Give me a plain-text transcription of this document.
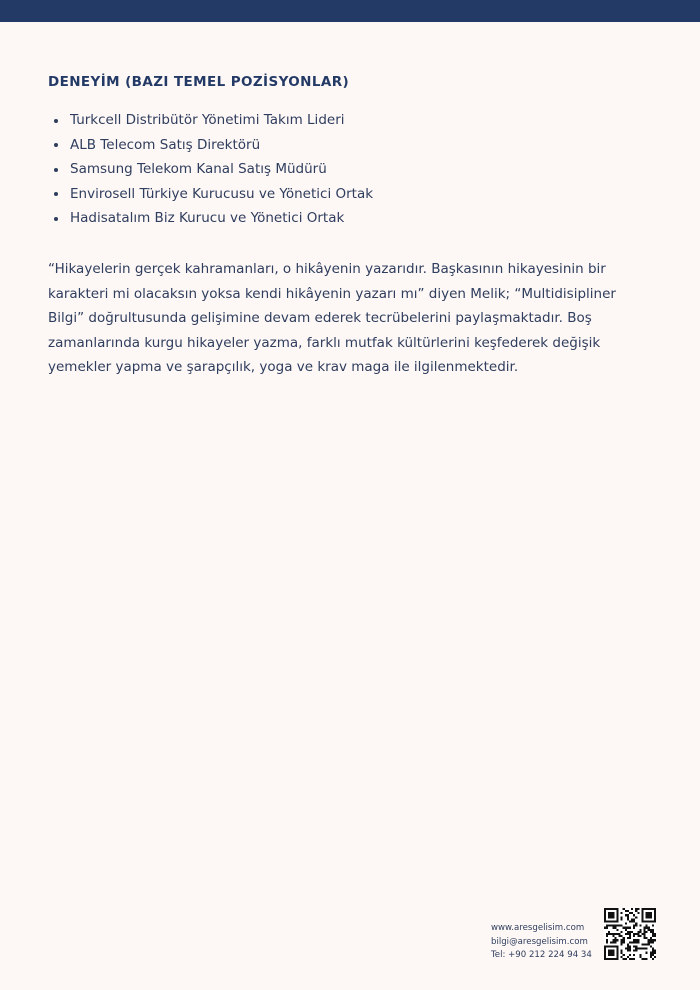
DENEYİM (BAZI TEMEL POZİSYONLAR)
Turkcell Distribütör Yönetimi Takım Lideri
ALB Telecom Satış Direktörü
Samsung Telekom Kanal Satış Müdürü
Envirosell Türkiye Kurucusu ve Yönetici Ortak
Hadisatalım Biz Kurucu ve Yönetici Ortak

“Hikayelerin gerçek kahramanları, o hikâyenin yazarıdır. Başkasının hikayesinin bir karakteri mi olacaksın yoksa kendi hikâyenin yazarı mı” diyen Melik; “Multidisipliner Bilgi” doğrultusunda gelişimine devam ederek tecrübelerini paylaşmaktadır. Boş zamanlarında kurgu hikayeler yazma, farklı mutfak kültürlerini keşfederek değişik yemekler yapma ve şarapçılık, yoga ve krav maga ile ilgilenmektedir.

www.aresgelisim.com
bilgi@aresgelisim.com
Tel: +90 212 224 94 34
